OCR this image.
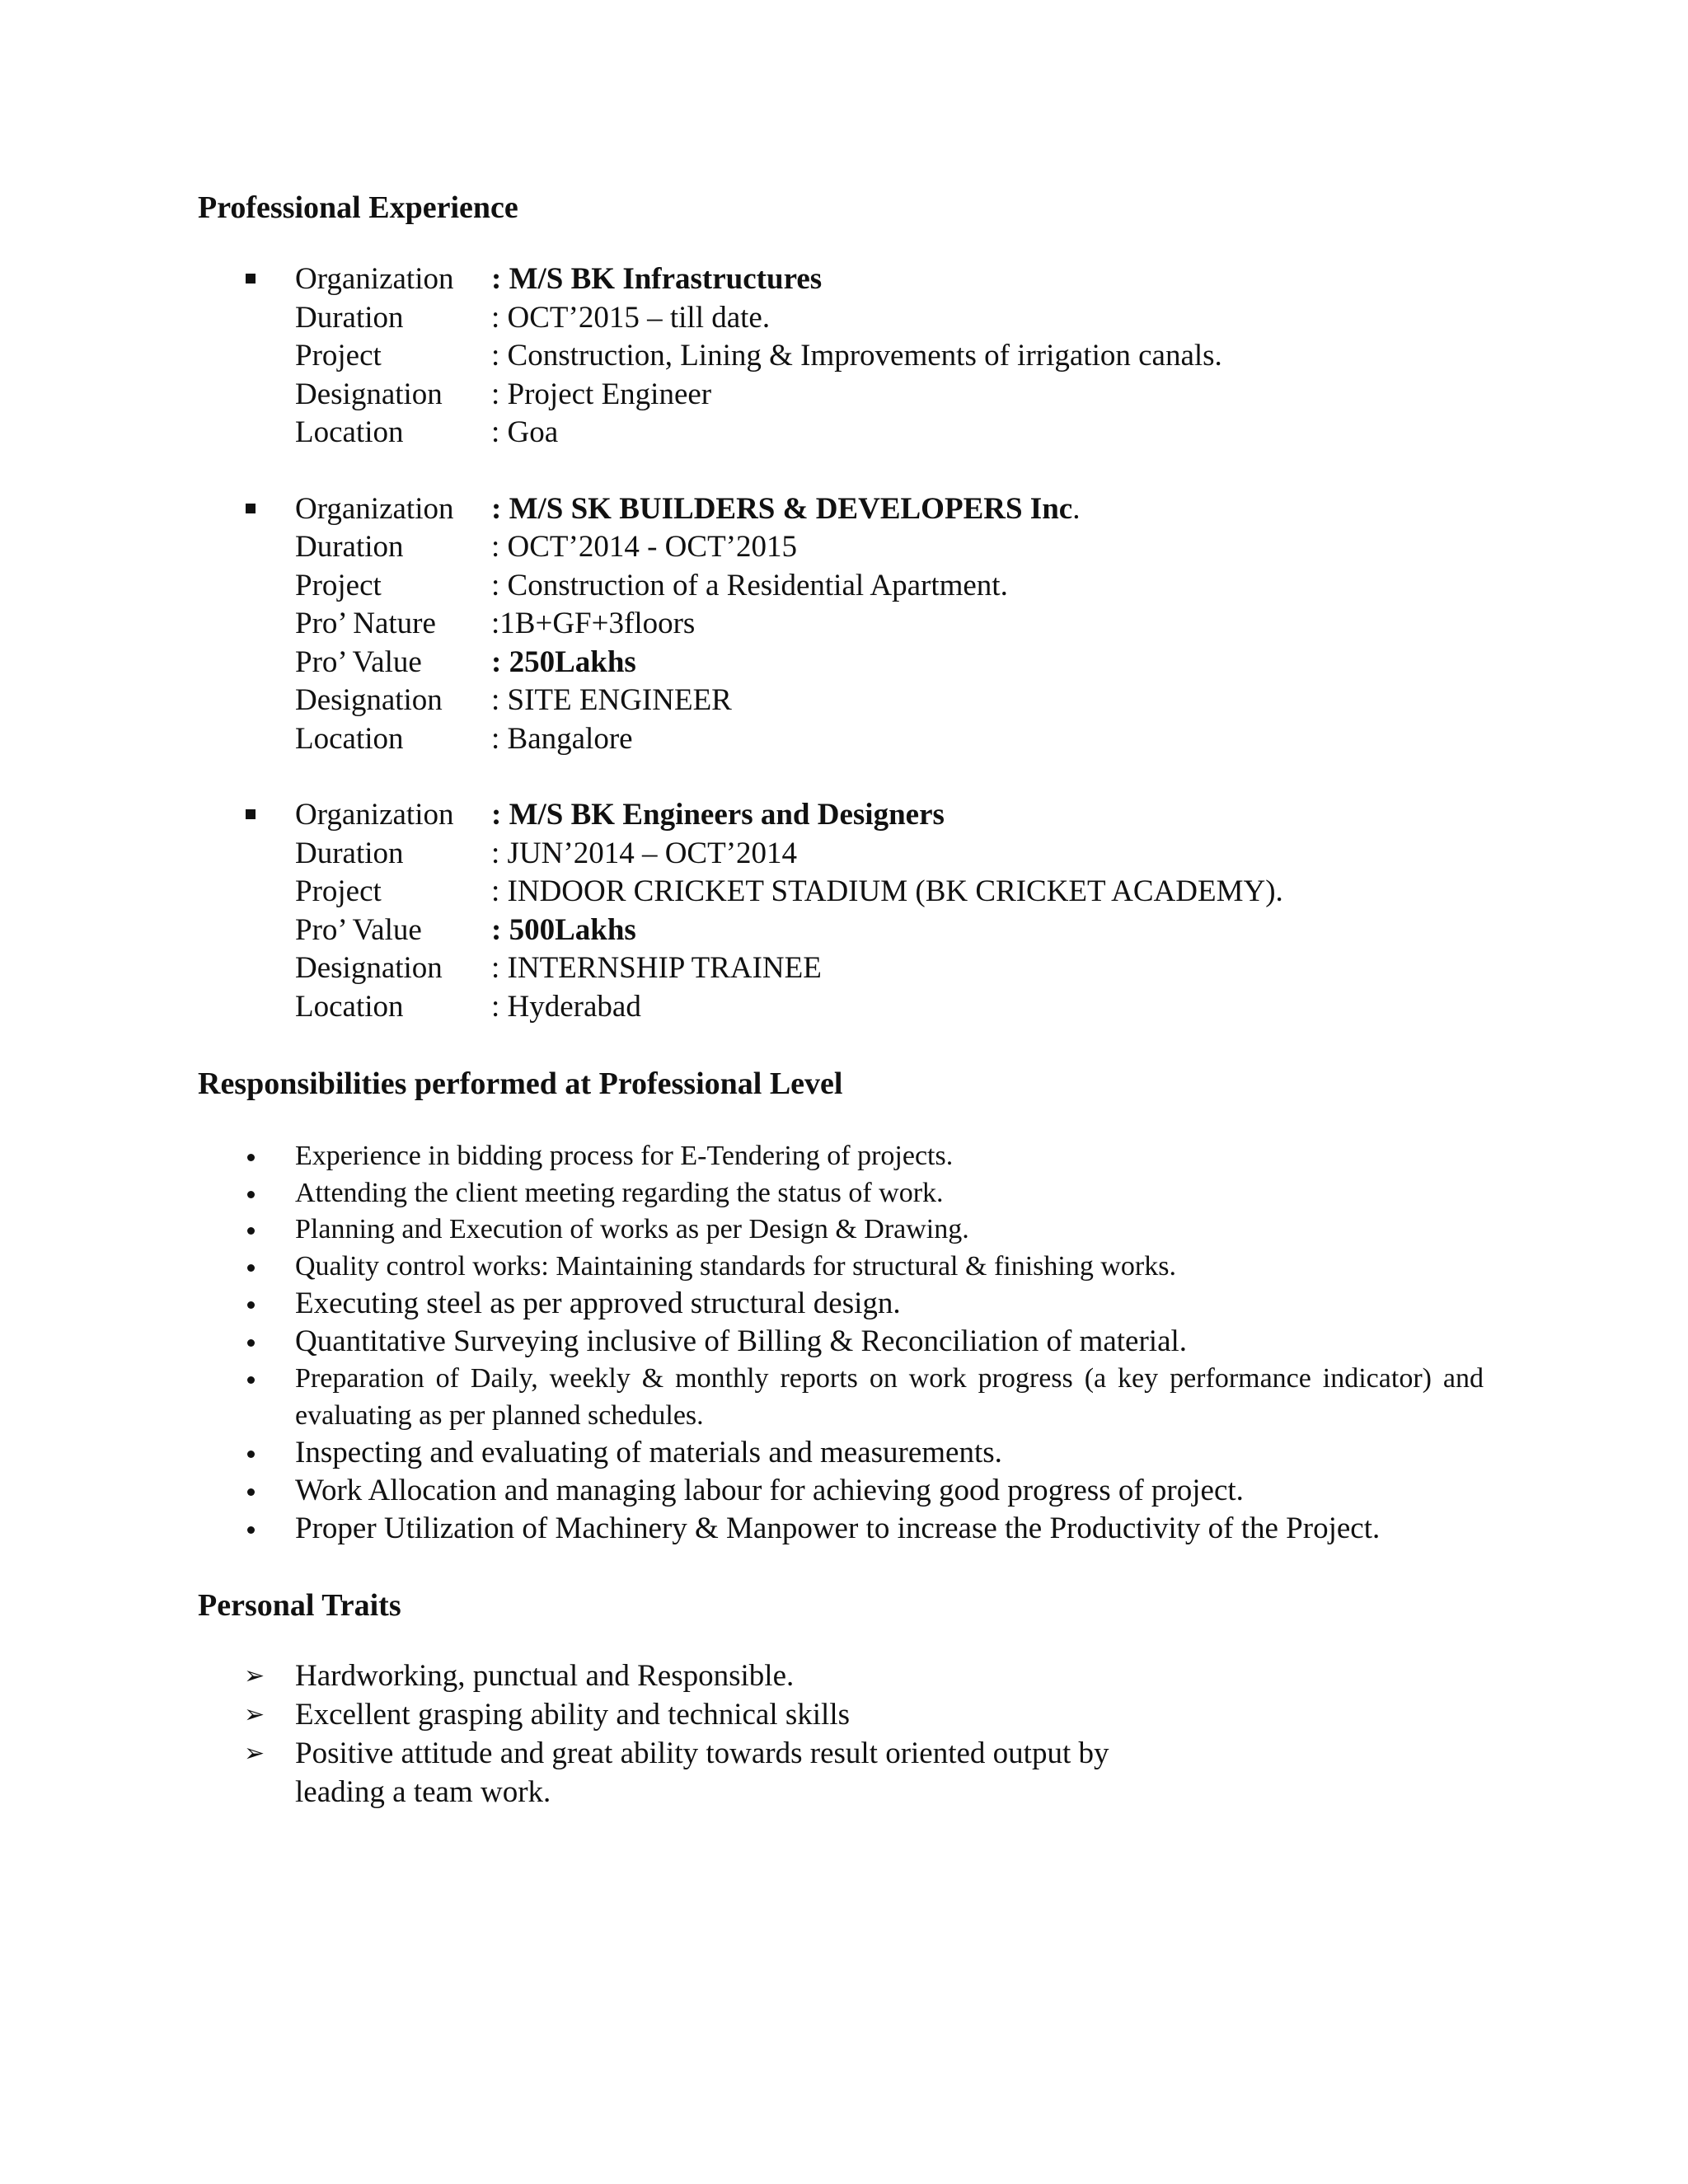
Professional Experience
Organization	: M/S BK Infrastructures
Duration	: OCT’2015 – till date.
Project	: Construction, Lining & Improvements of irrigation canals.
Designation	: Project Engineer
Location	: Goa
Organization	: M/S SK BUILDERS & DEVELOPERS Inc.
Duration	: OCT’2014 - OCT’2015
Project	: Construction of a Residential Apartment.
Pro’ Nature	:1B+GF+3floors
Pro’ Value	: 250Lakhs
Designation	: SITE ENGINEER
Location	: Bangalore
Organization	: M/S BK Engineers and Designers
Duration	: JUN’2014 – OCT’2014
Project	: INDOOR CRICKET STADIUM (BK CRICKET ACADEMY).
Pro’ Value	: 500Lakhs
Designation	: INTERNSHIP TRAINEE
Location	: Hyderabad
Responsibilities performed at Professional Level
Experience in bidding process for E-Tendering of projects.
Attending the client meeting regarding the status of work.
Planning and Execution of works as per Design & Drawing.
Quality control works: Maintaining standards for structural & finishing works.
Executing steel as per approved structural design.
Quantitative Surveying inclusive of Billing & Reconciliation of material.
Preparation of Daily, weekly & monthly reports on work progress (a key performance indicator) and evaluating as per planned schedules.
Inspecting and evaluating of materials and measurements.
Work Allocation and managing labour for achieving good progress of project.
Proper Utilization of Machinery & Manpower to increase the Productivity of the Project.
Personal Traits
➢ Hardworking, punctual and Responsible.
➢ Excellent grasping ability and technical skills
➢ Positive attitude and great ability towards result oriented output by leading a team work.
